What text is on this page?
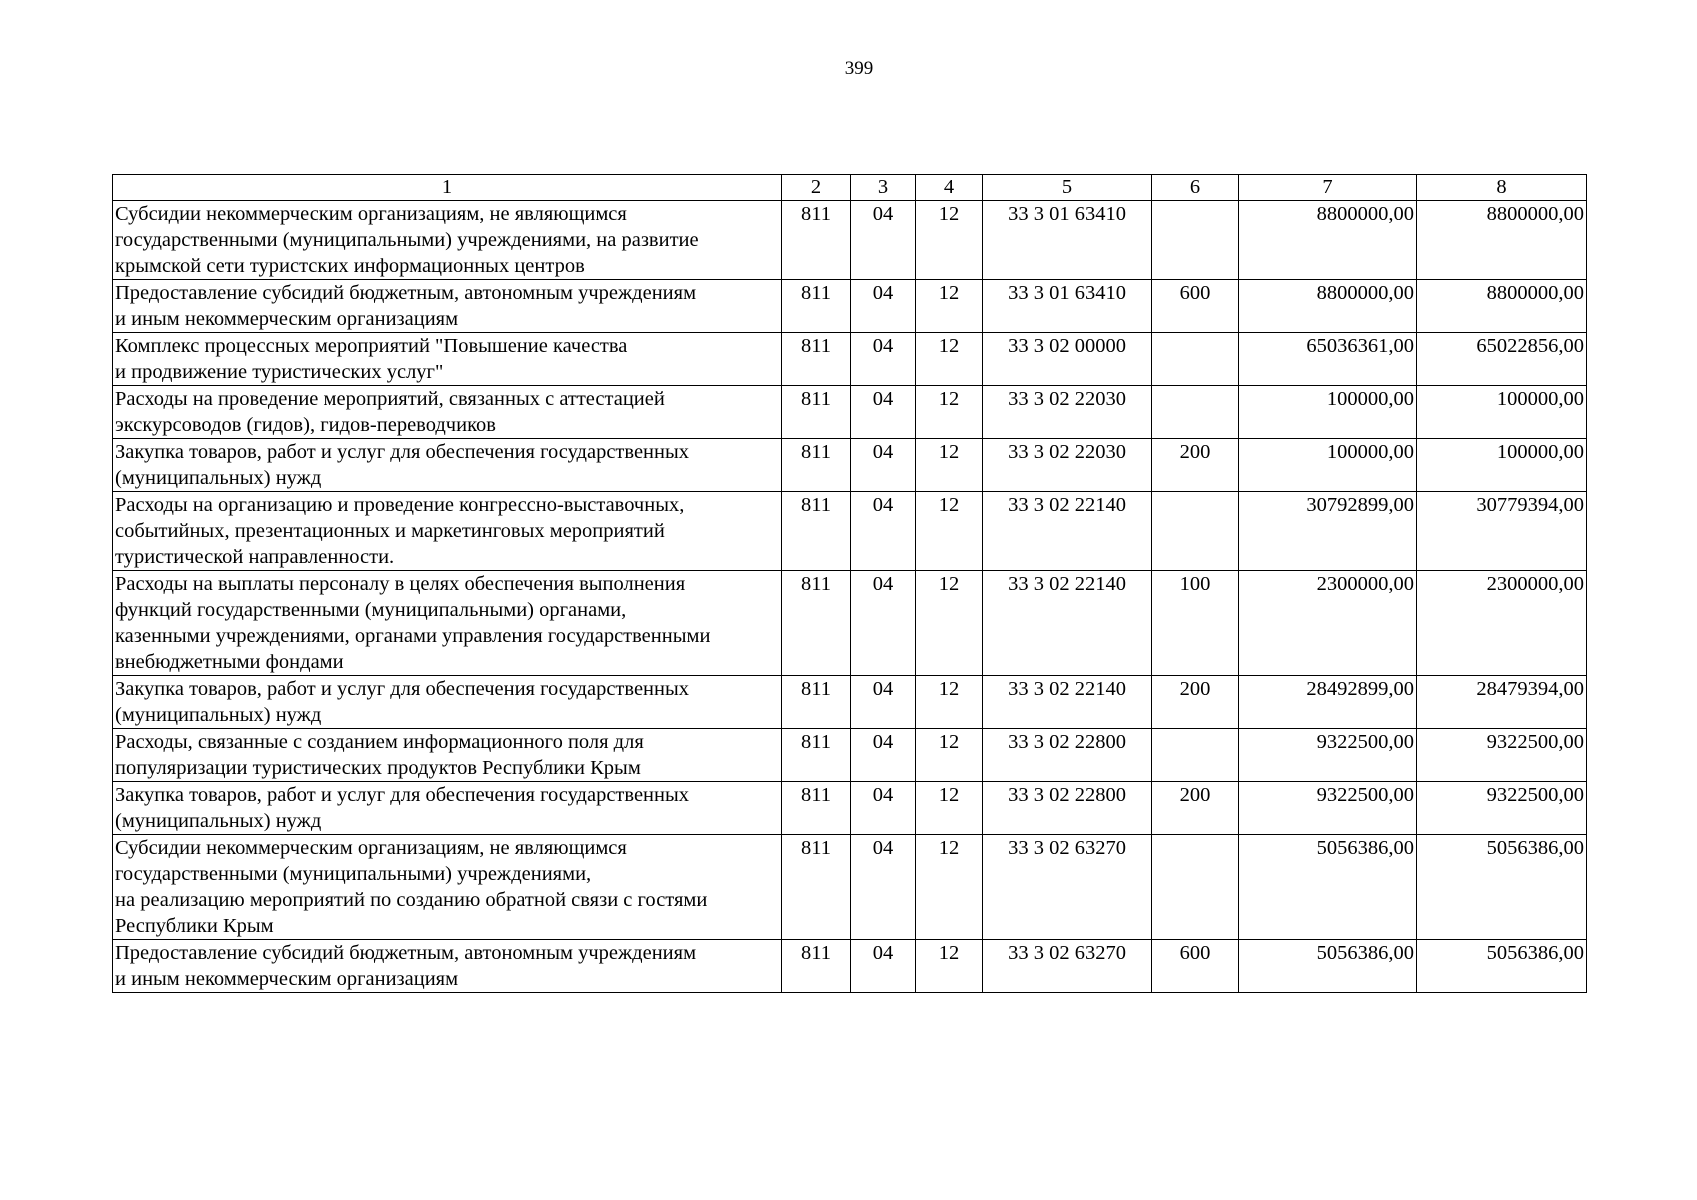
399
1	2	3	4	5	6	7	8
Субсидии некоммерческим организациям, не являющимся
государственными (муниципальными) учреждениями, на развитие
крымской сети туристских информационных центров	811	04	12	33 3 01 63410		8800000,00	8800000,00
Предоставление субсидий бюджетным, автономным учреждениям
и иным некоммерческим организациям	811	04	12	33 3 01 63410	600	8800000,00	8800000,00
Комплекс процессных мероприятий "Повышение качества
и продвижение туристических услуг"	811	04	12	33 3 02 00000		65036361,00	65022856,00
Расходы на проведение мероприятий, связанных с аттестацией
экскурсоводов (гидов), гидов-переводчиков	811	04	12	33 3 02 22030		100000,00	100000,00
Закупка товаров, работ и услуг для обеспечения государственных
(муниципальных) нужд	811	04	12	33 3 02 22030	200	100000,00	100000,00
Расходы на организацию и проведение конгрессно-выставочных,
событийных, презентационных и маркетинговых мероприятий
туристической направленности.	811	04	12	33 3 02 22140		30792899,00	30779394,00
Расходы на выплаты персоналу в целях обеспечения выполнения
функций государственными (муниципальными) органами,
казенными учреждениями, органами управления государственными
внебюджетными фондами	811	04	12	33 3 02 22140	100	2300000,00	2300000,00
Закупка товаров, работ и услуг для обеспечения государственных
(муниципальных) нужд	811	04	12	33 3 02 22140	200	28492899,00	28479394,00
Расходы, связанные с созданием информационного поля для
популяризации туристических продуктов Республики Крым	811	04	12	33 3 02 22800		9322500,00	9322500,00
Закупка товаров, работ и услуг для обеспечения государственных
(муниципальных) нужд	811	04	12	33 3 02 22800	200	9322500,00	9322500,00
Субсидии некоммерческим организациям, не являющимся
государственными (муниципальными) учреждениями,
на реализацию мероприятий по созданию обратной связи с гостями
Республики Крым	811	04	12	33 3 02 63270		5056386,00	5056386,00
Предоставление субсидий бюджетным, автономным учреждениям
и иным некоммерческим организациям	811	04	12	33 3 02 63270	600	5056386,00	5056386,00
